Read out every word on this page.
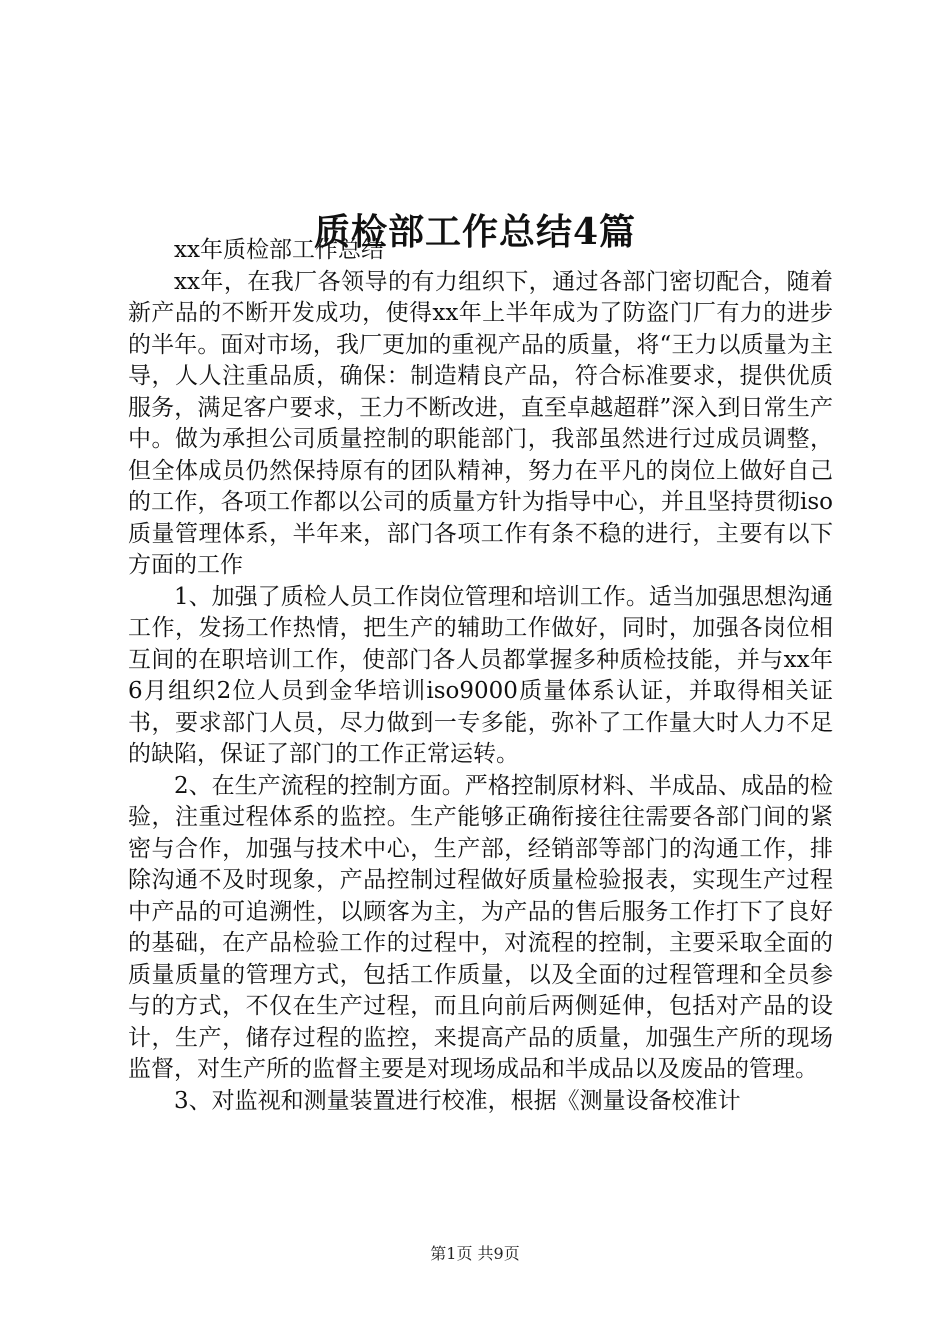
质检部工作总结4篇

xx年质检部工作总结

xx年，在我厂各领导的有力组织下，通过各部门密切配合，随着新产品的不断开发成功，使得xx年上半年成为了防盗门厂有力的进步的半年。面对市场，我厂更加的重视产品的质量，将“王力以质量为主导，人人注重品质，确保：制造精良产品，符合标准要求，提供优质服务，满足客户要求，王力不断改进，直至卓越超群”深入到日常生产中。做为承担公司质量控制的职能部门，我部虽然进行过成员调整，但全体成员仍然保持原有的团队精神，努力在平凡的岗位上做好自己的工作，各项工作都以公司的质量方针为指导中心，并且坚持贯彻iso质量管理体系，半年来，部门各项工作有条不稳的进行，主要有以下方面的工作

1、加强了质检人员工作岗位管理和培训工作。适当加强思想沟通工作，发扬工作热情，把生产的辅助工作做好，同时，加强各岗位相互间的在职培训工作，使部门各人员都掌握多种质检技能，并与xx年6月组织2位人员到金华培训iso9000质量体系认证，并取得相关证书，要求部门人员，尽力做到一专多能，弥补了工作量大时人力不足的缺陷，保证了部门的工作正常运转。

2、在生产流程的控制方面。严格控制原材料、半成品、成品的检验，注重过程体系的监控。生产能够正确衔接往往需要各部门间的紧密与合作，加强与技术中心，生产部，经销部等部门的沟通工作，排除沟通不及时现象，产品控制过程做好质量检验报表，实现生产过程中产品的可追溯性，以顾客为主，为产品的售后服务工作打下了良好的基础，在产品检验工作的过程中，对流程的控制，主要采取全面的质量质量的管理方式，包括工作质量，以及全面的过程管理和全员参与的方式，不仅在生产过程，而且向前后两侧延伸，包括对产品的设计，生产，储存过程的监控，来提高产品的质量，加强生产所的现场监督，对生产所的监督主要是对现场成品和半成品以及废品的管理。

3、对监视和测量装置进行校准，根据《测量设备校准计

第1页 共9页
